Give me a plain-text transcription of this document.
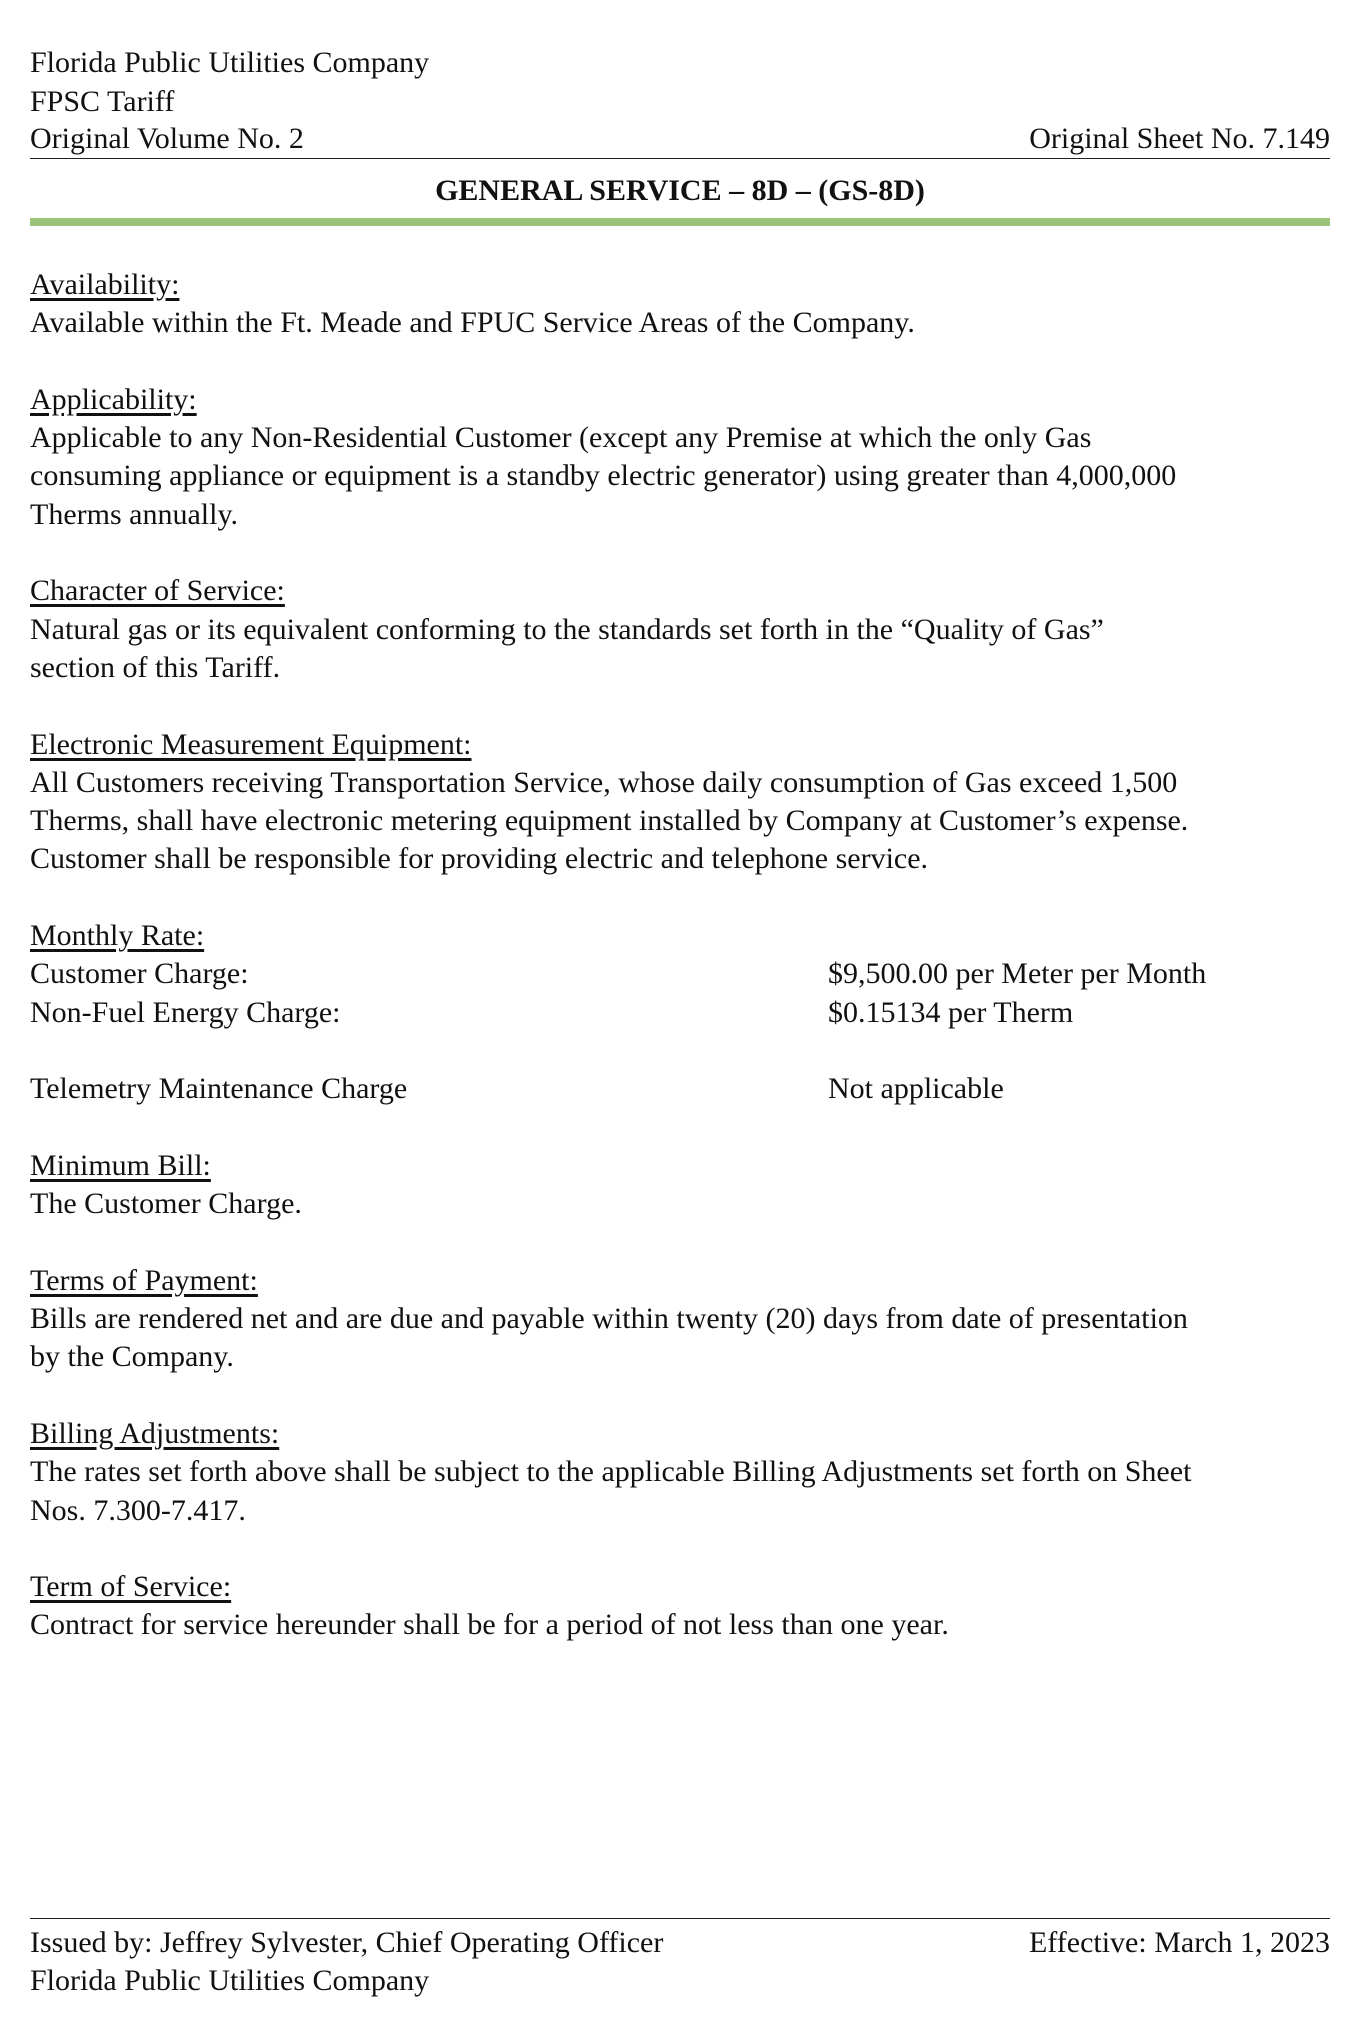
Florida Public Utilities Company
FPSC Tariff
Original Volume No. 2	Original Sheet No. 7.149
GENERAL SERVICE – 8D – (GS-8D)
Availability:
Available within the Ft. Meade and FPUC Service Areas of the Company.
Applicability:
Applicable to any Non-Residential Customer (except any Premise at which the only Gas
consuming appliance or equipment is a standby electric generator) using greater than 4,000,000
Therms annually.
Character of Service:
Natural gas or its equivalent conforming to the standards set forth in the “Quality of Gas”
section of this Tariff.
Electronic Measurement Equipment:
All Customers receiving Transportation Service, whose daily consumption of Gas exceed 1,500
Therms, shall have electronic metering equipment installed by Company at Customer’s expense.
Customer shall be responsible for providing electric and telephone service.
Monthly Rate:
Customer Charge:	$9,500.00 per Meter per Month
Non-Fuel Energy Charge:	$0.15134 per Therm
Telemetry Maintenance Charge	Not applicable
Minimum Bill:
The Customer Charge.
Terms of Payment:
Bills are rendered net and are due and payable within twenty (20) days from date of presentation
by the Company.
Billing Adjustments:
The rates set forth above shall be subject to the applicable Billing Adjustments set forth on Sheet
Nos. 7.300-7.417.
Term of Service:
Contract for service hereunder shall be for a period of not less than one year.
Issued by: Jeffrey Sylvester, Chief Operating Officer	Effective: March 1, 2023
Florida Public Utilities Company
